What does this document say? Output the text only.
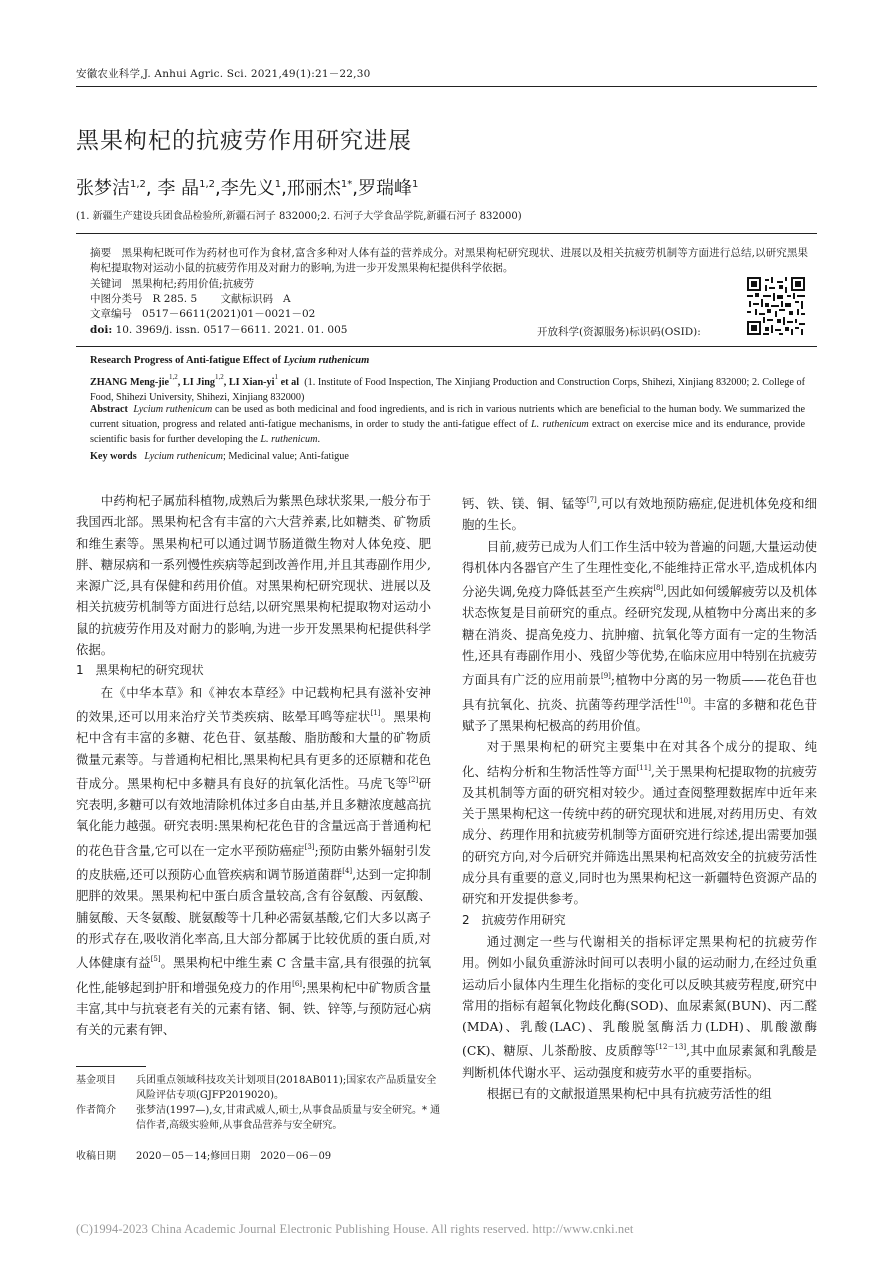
安徽农业科学,J. Anhui Agric. Sci. 2021,49(1):21－22,30
黑果枸杞的抗疲劳作用研究进展
张梦洁$^{1,2}$, 李 晶$^{1,2}$,李先义$^1$,邢丽杰$^{1*}$,罗瑞峰$^1$
(1. 新疆生产建设兵团食品检验所,新疆石河子 832000;2. 石河子大学食品学院,新疆石河子 832000)
摘要 黑果枸杞既可作为药材也可作为食材,富含多种对人体有益的营养成分。对黑果枸杞研究现状、进展以及相关抗疲劳机制等方面进行总结,以研究黑果枸杞提取物对运动小鼠的抗疲劳作用及对耐力的影响,为进一步开发黑果枸杞提供科学依据。
关键词 黑果枸杞;药用价值;抗疲劳
中图分类号 R 285. 5 文献标识码 A
文章编号 0517－6611(2021)01－0021－02
doi: 10. 3969/j. issn. 0517－6611. 2021. 01. 005	开放科学(资源服务)标识码(OSID):
Research Progress of Anti-fatigue Effect of Lycium ruthenicum
ZHANG Meng-jie$^{1,2}$, LI Jing$^{1,2}$, LI Xian-$yi^1$ et al (1. Institute of Food Inspection, The Xinjiang Production and Construction Corps, Shihezi, Xinjiang 832000; 2. College of Food, Shihezi University, Shihezi, Xinjiang 832000)
Abstract Lycium ruthenicum can be used as both medicinal and food ingredients, and is rich in various nutrients which are beneficial to the human body. We summarized the current situation, progress and related anti-fatigue mechanisms, in order to study the anti-fatigue effect of L. ruthenicum extract on exercise mice and its endurance, provide scientific basis for further developing the L. ruthenicum.
Key words Lycium ruthenicum; Medicinal value; Anti-fatigue

中药枸杞子属茄科植物,成熟后为紫黑色球状浆果,一般分布于我国西北部。黑果枸杞含有丰富的六大营养素,比如糖类、矿物质和维生素等。黑果枸杞可以通过调节肠道微生物对人体免疫、肥胖、糖尿病和一系列慢性疾病等起到改善作用,并且其毒副作用少,来源广泛,具有保健和药用价值。对黑果枸杞研究现状、进展以及相关抗疲劳机制等方面进行总结,以研究黑果枸杞提取物对运动小鼠的抗疲劳作用及对耐力的影响,为进一步开发黑果枸杞提供科学依据。

1　黑果枸杞的研究现状

在《中华本草》和《神农本草经》中记载枸杞具有滋补安神的效果,还可以用来治疗关节类疾病、眩晕耳鸣等症状[1]。黑果枸杞中含有丰富的多糖、花色苷、氨基酸、脂肪酸和大量的矿物质微量元素等。与普通枸杞相比,黑果枸杞具有更多的还原糖和花色苷成分。黑果枸杞中多糖具有良好的抗氧化活性。马虎飞等[2]研究表明,多糖可以有效地清除机体过多自由基,并且多糖浓度越高抗氧化能力越强。研究表明:黑果枸杞花色苷的含量远高于普通枸杞的花色苷含量,它可以在一定水平预防癌症[3];预防由紫外辐射引发的皮肤癌,还可以预防心血管疾病和调节肠道菌群[4],达到一定抑制肥胖的效果。黑果枸杞中蛋白质含量较高,含有谷氨酸、丙氨酸、脯氨酸、天冬氨酸、胱氨酸等十几种必需氨基酸,它们大多以离子的形式存在,吸收消化率高,且大部分都属于比较优质的蛋白质,对人体健康有益[5]。黑果枸杞中维生素 C 含量丰富,具有很强的抗氧化性,能够起到护肝和增强免疫力的作用[6];黑果枸杞中矿物质含量丰富,其中与抗衰老有关的元素有锗、铜、铁、锌等,与预防冠心病有关的元素有钾、

钙、铁、镁、铜、锰等[7],可以有效地预防癌症,促进机体免疫和细胞的生长。

目前,疲劳已成为人们工作生活中较为普遍的问题,大量运动使得机体内各器官产生了生理性变化,不能维持正常水平,造成机体内分泌失调,免疫力降低甚至产生疾病[8],因此如何缓解疲劳以及机体状态恢复是目前研究的重点。经研究发现,从植物中分离出来的多糖在消炎、提高免疫力、抗肿瘤、抗氧化等方面有一定的生物活性,还具有毒副作用小、残留少等优势,在临床应用中特别在抗疲劳方面具有广泛的应用前景[9];植物中分离的另一物质——花色苷也具有抗氧化、抗炎、抗菌等药理学活性[10]。丰富的多糖和花色苷赋予了黑果枸杞极高的药用价值。

对于黑果枸杞的研究主要集中在对其各个成分的提取、纯化、结构分析和生物活性等方面[11],关于黑果枸杞提取物的抗疲劳及其机制等方面的研究相对较少。通过查阅整理数据库中近年来关于黑果枸杞这一传统中药的研究现状和进展,对药用历史、有效成分、药理作用和抗疲劳机制等方面研究进行综述,提出需要加强的研究方向,对今后研究并筛选出黑果枸杞高效安全的抗疲劳活性成分具有重要的意义,同时也为黑果枸杞这一新疆特色资源产品的研究和开发提供参考。

2　抗疲劳作用研究

通过测定一些与代谢相关的指标评定黑果枸杞的抗疲劳作用。例如小鼠负重游泳时间可以表明小鼠的运动耐力,在经过负重运动后小鼠体内生理生化指标的变化可以反映其疲劳程度,研究中常用的指标有超氧化物歧化酶(SOD)、血尿素氮(BUN)、丙二醛(MDA)、乳酸(LAC)、乳酸脱氢酶活力(LDH)、肌酸激酶(CK)、糖原、儿茶酚胺、皮质醇等[12－13],其中血尿素氮和乳酸是判断机体代谢水平、运动强度和疲劳水平的重要指标。

根据已有的文献报道黑果枸杞中具有抗疲劳活性的组

基金项目 兵团重点领域科技攻关计划项目(2018AB011);国家农产品质量安全风险评估专项(GJFP2019020)。
作者简介 张梦洁(1997—),女,甘肃武威人,硕士,从事食品质量与安全研究。* 通信作者,高级实验师,从事食品营养与安全研究。
收稿日期 2020－05－14;修回日期　2020－06－09
(C)1994-2023 China Academic Journal Electronic Publishing House. All rights reserved. http://www.cnki.net
